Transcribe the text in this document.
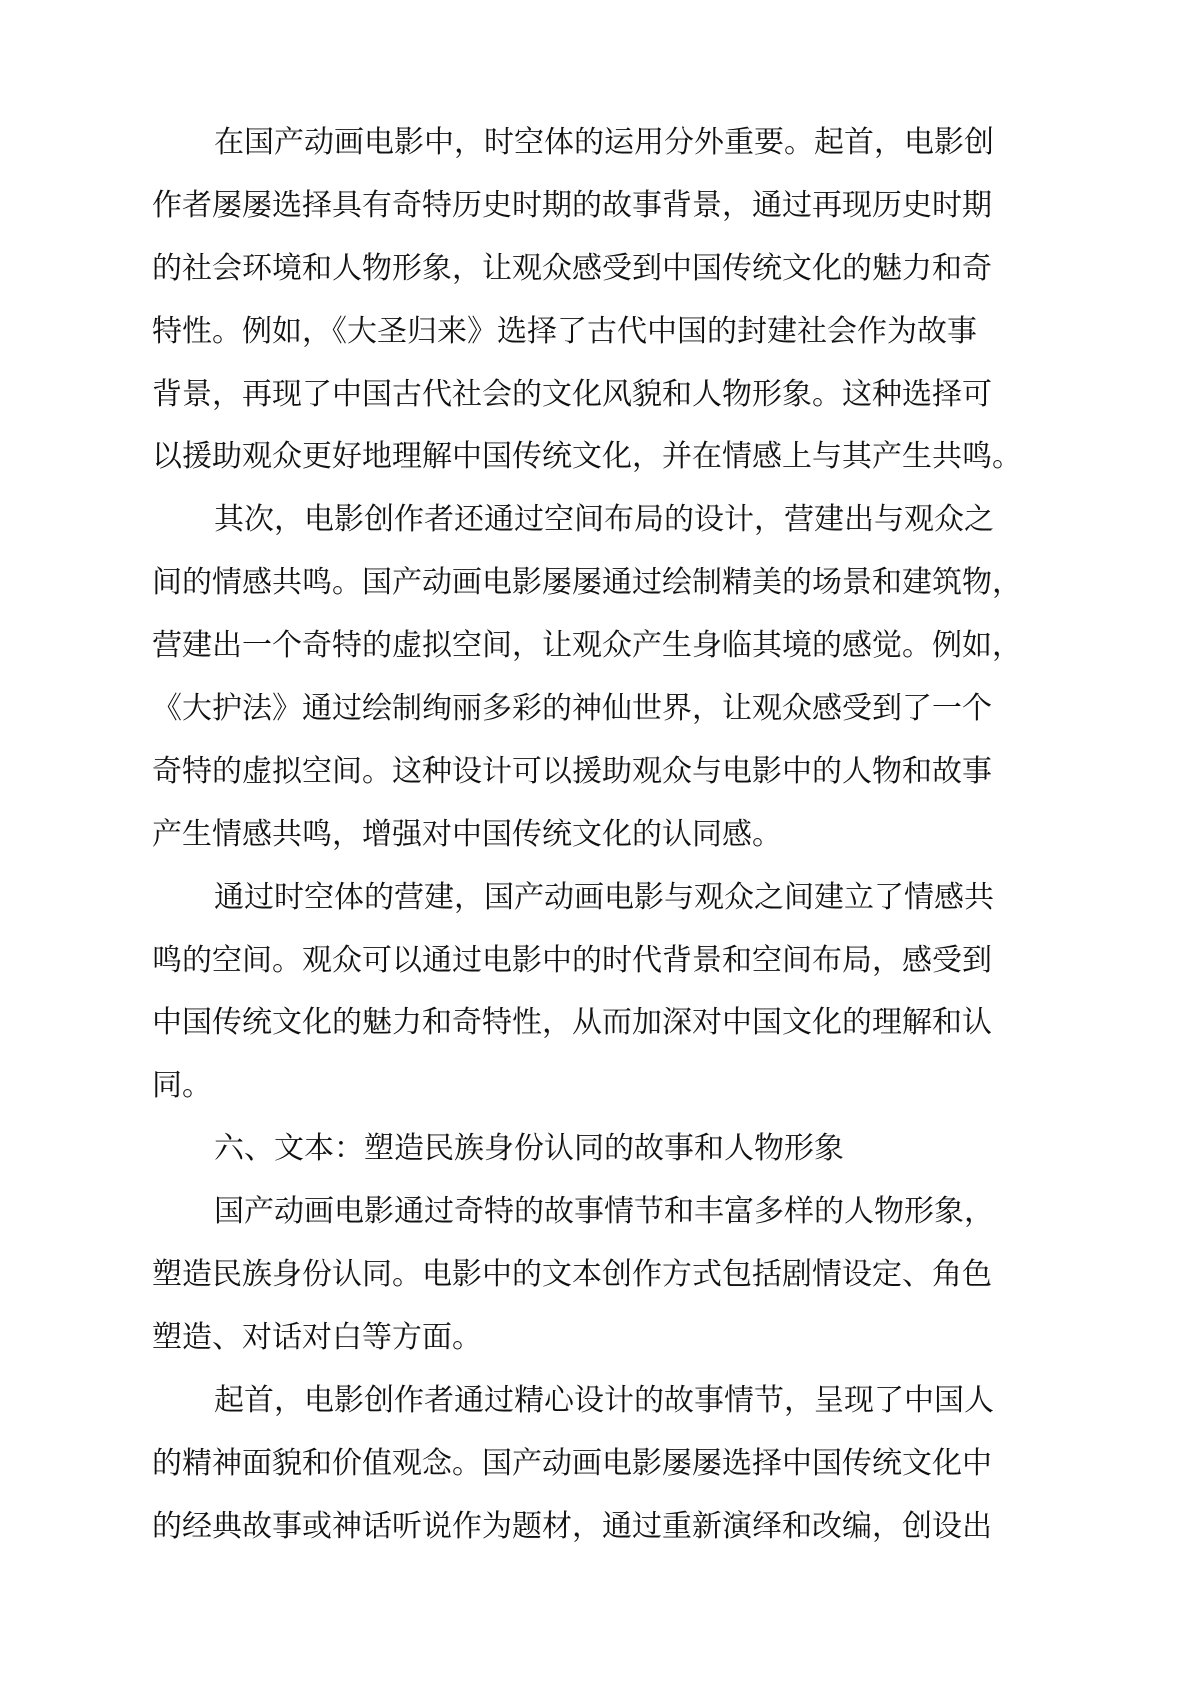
在国产动画电影中，时空体的运用分外重要。起首，电影创
作者屡屡选择具有奇特历史时期的故事背景，通过再现历史时期
的社会环境和人物形象，让观众感受到中国传统文化的魅力和奇
特性。例如，《大圣归来》选择了古代中国的封建社会作为故事
背景，再现了中国古代社会的文化风貌和人物形象。这种选择可
以援助观众更好地理解中国传统文化，并在情感上与其产生共鸣。
其次，电影创作者还通过空间布局的设计，营建出与观众之
间的情感共鸣。国产动画电影屡屡通过绘制精美的场景和建筑物，
营建出一个奇特的虚拟空间，让观众产生身临其境的感觉。例如，
《大护法》通过绘制绚丽多彩的神仙世界，让观众感受到了一个
奇特的虚拟空间。这种设计可以援助观众与电影中的人物和故事
产生情感共鸣，增强对中国传统文化的认同感。
通过时空体的营建，国产动画电影与观众之间建立了情感共
鸣的空间。观众可以通过电影中的时代背景和空间布局，感受到
中国传统文化的魅力和奇特性，从而加深对中国文化的理解和认
同。
六、文本：塑造民族身份认同的故事和人物形象
国产动画电影通过奇特的故事情节和丰富多样的人物形象，
塑造民族身份认同。电影中的文本创作方式包括剧情设定、角色
塑造、对话对白等方面。
起首，电影创作者通过精心设计的故事情节，呈现了中国人
的精神面貌和价值观念。国产动画电影屡屡选择中国传统文化中
的经典故事或神话听说作为题材，通过重新演绎和改编，创设出
